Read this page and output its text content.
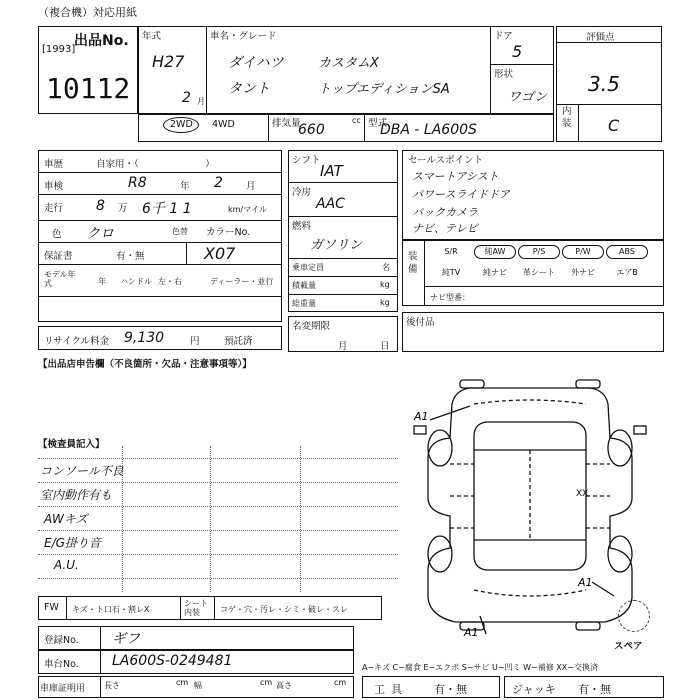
（複合機）対応用紙
出品No.
[1993]
10112
年式
H27
2 月
車名・グレード
ダイハツ	カスタムX
タント	トップエディションSA
ドア
5
形状
ワゴン
評価点
3.5
内装 C
2WD 4WD	排気量
660
cc 型式
DBA - LA600S
車歴	自家用・（　　　　　　　）
車検	R8	年 2 月
走行 8 万 6千 1 1	km/マイル
色 クロ	色替 カラーNo.
保証書	有・無	X07
モデル年式	年 ハンドル 左・右	ディーラー・並行
リサイクル料金 9,130	円	預託済
シフト
IAT
冷房
AAC
燃料
ガソリン
乗車定員	名
積載量	kg
総重量	kg
名変期限
月	日
セールスポイント
スマートアシスト
パワースライドドア
バックカメラ
ナビ、テレビ
装備
S/R	純AW	P/S	P/W	ABS
純TV	純ナビ	革シート	外ナビ	エアB
ナビ型番：
後付品
【出品店申告欄（不良箇所・欠品・注意事項等）】
【検査員記入】
コンソール不良
室内動作有も
AWキズ
E/G掛り音
A.U.
A1
XX
A1
A1
スペア
FW キズ・ト口石・割レX
シート内装	コゲ・穴・汚レ・シミ・破レ・スレ
登録No. ギフ
車台No. LA600S-0249481	A−キズ C−腐食 E−エクボ S−サビ U−凹ミ W−補修 XX−交換済
車庫証明用 長さ	cm 幅	cm 高さ	cm
工具 有・無	ジャッキ 有・無
